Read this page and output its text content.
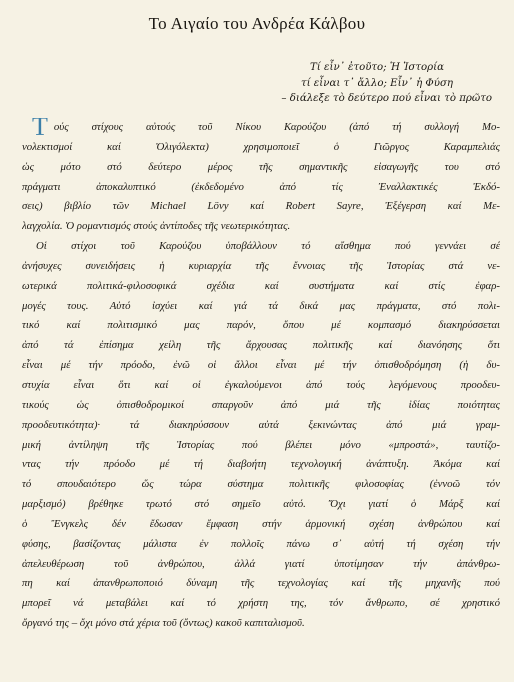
Το Αιγαίο του Ανδρέα Κάλβου
Τί εἶν᾽ ἐτοῦτο; Ἡ Ἱστορία
τί εἶναι τ᾽ ἄλλο; Εἶν᾽ ἡ Φύση
– διάλεξε τὸ δεύτερο πού εἶναι τὸ πρῶτο
Τούς στίχους αὐτούς τοῦ Νίκου Καρούζου (ἀπό τή συλλογή Μο-
νολεκτισμοί καί Ὀλιγόλεκτα) χρησιμοποιεῖ ὁ Γιῶργος Καραμπελιάς
ὡς μότο στό δεύτερο μέρος τῆς σημαντικῆς εἰσαγωγῆς του στό
πράγματι ἀποκαλυπτικό (ἐκδεδομένο ἀπό τίς Ἐναλλακτικές Ἐκδό-
σεις) βιβλίο τῶν Michael Lövy καί Robert Sayre, Ἐξέγερση καί Με-
λαγχολία. Ὁ ρομαντισμός στούς ἀντίποδες τῆς νεωτερικότητας.
Οἱ στίχοι τοῦ Καρούζου ὑποβάλλουν τό αἴσθημα πού γεννάει σέ
ἀνήσυχες συνειδήσεις ἡ κυριαρχία τῆς ἔννοιας τῆς Ἱστορίας στά νε-
ωτερικά πολιτικά-φιλοσοφικά σχέδια καί συστήματα καί στίς ἐφαρ-
μογές τους. Αὐτό ἰσχύει καί γιά τά δικά μας πράγματα, στό πολι-
τικό καί πολιτισμικό μας παρόν, ὅπου μέ κομπασμό διακηρύσσεται
ἀπό τά ἐπίσημα χείλη τῆς ἄρχουσας πολιτικῆς καί διανόησης ὅτι
εἶναι μέ τήν πρόοδο, ἐνῶ οἱ ἄλλοι εἶναι μέ τήν ὀπισθοδρόμηση (ἡ δυ-
στυχία εἶναι ὅτι καί οἱ ἐγκαλούμενοι ἀπό τούς λεγόμενους προοδευ-
τικούς ὡς ὀπισθοδρομικοί σπαργοῦν ἀπό μιά τῆς ἰδίας ποιότητας
προοδευτικότητα)· τά διακηρύσσουν αὐτά ξεκινώντας ἀπό μιά γραμ-
μική ἀντίληψη τῆς Ἱστορίας πού βλέπει μόνο «μπροστά», ταυτίζο-
ντας τήν πρόοδο μέ τή διαβοήτη τεχνολογική ἀνάπτυξη. Ἀκόμα καί
τό σπουδαιότερο ὥς τώρα σύστημα πολιτικῆς φιλοσοφίας (ἐννοῶ τόν
μαρξισμό) βρέθηκε τρωτό στό σημεῖο αὐτό. Ὄχι γιατί ὁ Μάρξ καί
ὁ Ἔνγκελς δέν ἔδωσαν ἔμφαση στήν ἁρμονική σχέση ἀνθρώπου καί
φύσης, βασίζοντας μάλιστα ἐν πολλοῖς πάνω σ᾽ αὐτή τή σχέση τήν
ἀπελευθέρωση τοῦ ἀνθρώπου, ἀλλά γιατί ὑποτίμησαν τήν ἀπάνθρω-
πη καί ἀπανθρωποποιό δύναμη τῆς τεχνολογίας καί τῆς μηχανῆς πού
μπορεῖ νά μεταβάλει καί τό χρήστη της, τόν ἄνθρωπο, σέ χρηστικό
ὄργανό της – ὄχι μόνο στά χέρια τοῦ (ὄντως) κακοῦ καπιταλισμοῦ.
